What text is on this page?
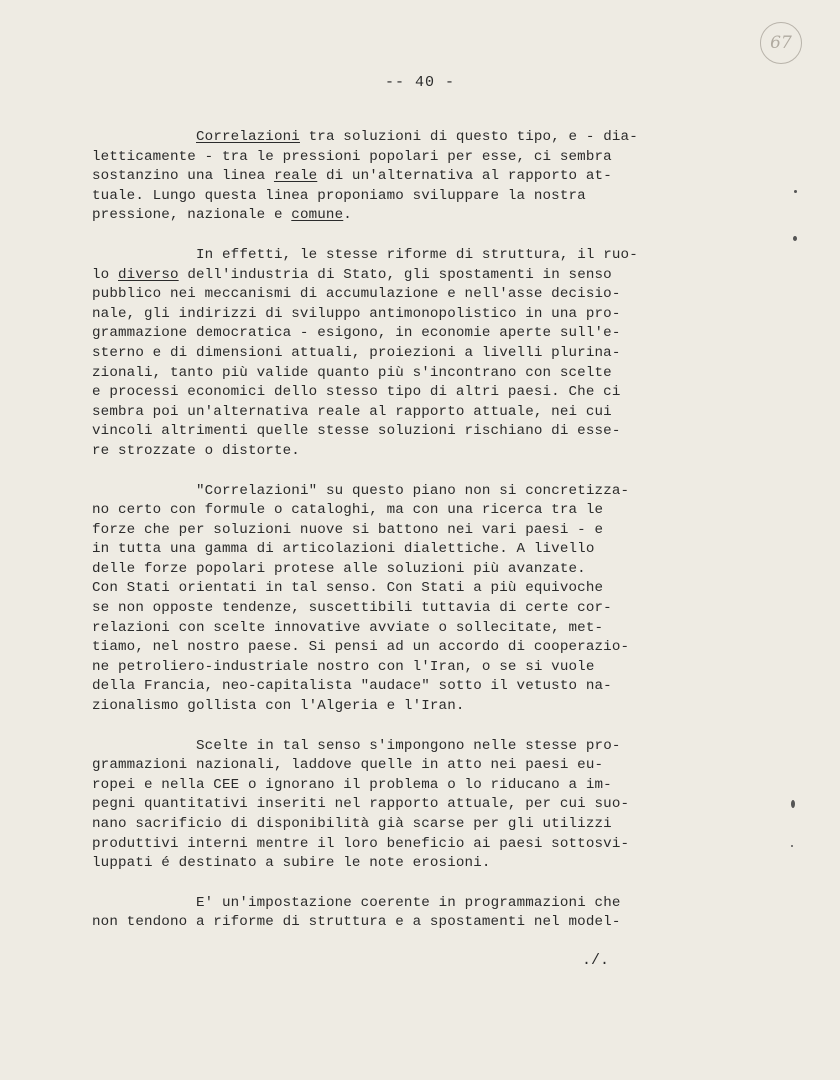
67
-- 40 -
Correlazioni tra soluzioni di questo tipo, e - dia-
letticamente - tra le pressioni popolari per esse, ci sembra
sostanzino una linea reale di un'alternativa al rapporto at-
tuale. Lungo questa linea proponiamo sviluppare la nostra
pressione, nazionale e comune.
In effetti, le stesse riforme di struttura, il ruo-
lo diverso dell'industria di Stato, gli spostamenti in senso
pubblico nei meccanismi di accumulazione e nell'asse decisio-
nale, gli indirizzi di sviluppo antimonopolistico in una pro-
grammazione democratica - esigono, in economie aperte sull'e-
sterno e di dimensioni attuali, proiezioni a livelli plurina-
zionali, tanto più valide quanto più s'incontrano con scelte
e processi economici dello stesso tipo di altri paesi. Che ci
sembra poi un'alternativa reale al rapporto attuale, nei cui
vincoli altrimenti quelle stesse soluzioni rischiano di esse-
re strozzate o distorte.
"Correlazioni" su questo piano non si concretizza-
no certo con formule o cataloghi, ma con una ricerca tra le
forze che per soluzioni nuove si battono nei vari paesi - e
in tutta una gamma di articolazioni dialettiche. A livello
delle forze popolari protese alle soluzioni più avanzate.
Con Stati orientati in tal senso. Con Stati a più equivoche
se non opposte tendenze, suscettibili tuttavia di certe cor-
relazioni con scelte innovative avviate o sollecitate, met-
tiamo, nel nostro paese. Si pensi ad un accordo di cooperazio-
ne petroliero-industriale nostro con l'Iran, o se si vuole
della Francia, neo-capitalista "audace" sotto il vetusto na-
zionalismo gollista con l'Algeria e l'Iran.
Scelte in tal senso s'impongono nelle stesse pro-
grammazioni nazionali, laddove quelle in atto nei paesi eu-
ropei e nella CEE o ignorano il problema o lo riducano a im-
pegni quantitativi inseriti nel rapporto attuale, per cui suo-
nano sacrificio di disponibilità già scarse per gli utilizzi
produttivi interni mentre il loro beneficio ai paesi sottosvi-
luppati é destinato a subire le note erosioni.
E' un'impostazione coerente in programmazioni che
non tendono a riforme di struttura e a spostamenti nel model-
./.
